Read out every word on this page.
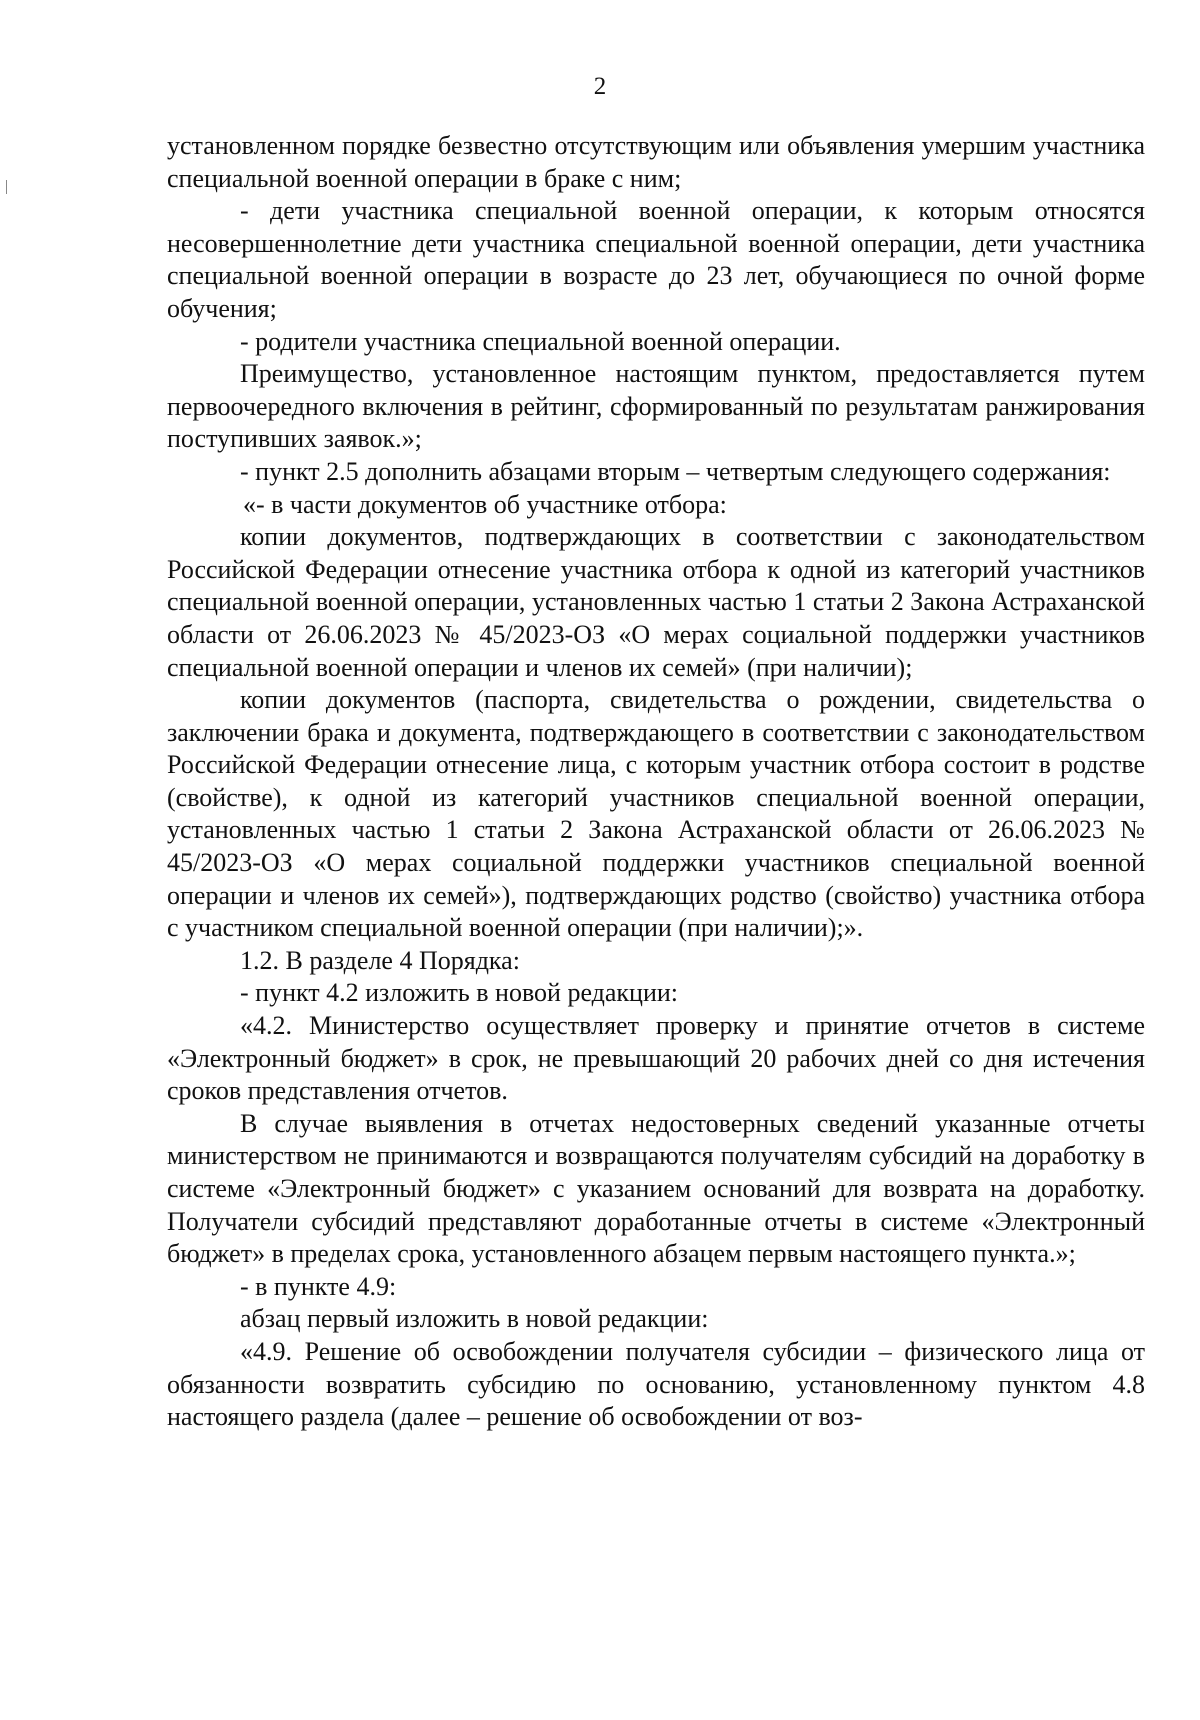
2

установленном порядке безвестно отсутствующим или объявления умершим участника специальной военной операции в браке с ним;

- дети участника специальной военной операции, к которым относятся несовершеннолетние дети участника специальной военной операции, дети участника специальной военной операции в возрасте до 23 лет, обучающиеся по очной форме обучения;

- родители участника специальной военной операции.

Преимущество, установленное настоящим пунктом, предоставляется путем первоочередного включения в рейтинг, сформированный по результатам ранжирования поступивших заявок.»;

- пункт 2.5 дополнить абзацами вторым – четвертым следующего содержания:

«- в части документов об участнике отбора:

копии документов, подтверждающих в соответствии с законодательством Российской Федерации отнесение участника отбора к одной из категорий участников специальной военной операции, установленных частью 1 статьи 2 Закона Астраханской области от 26.06.2023 № 45/2023-ОЗ «О мерах социальной поддержки участников специальной военной операции и членов их семей» (при наличии);

копии документов (паспорта, свидетельства о рождении, свидетельства о заключении брака и документа, подтверждающего в соответствии с законодательством Российской Федерации отнесение лица, с которым участник отбора состоит в родстве (свойстве), к одной из категорий участников специальной военной операции, установленных частью 1 статьи 2 Закона Астраханской области от 26.06.2023 № 45/2023-ОЗ «О мерах социальной поддержки участников специальной военной операции и членов их семей»), подтверждающих родство (свойство) участника отбора с участником специальной военной операции (при наличии);».

1.2. В разделе 4 Порядка:

- пункт 4.2 изложить в новой редакции:

«4.2. Министерство осуществляет проверку и принятие отчетов в системе «Электронный бюджет» в срок, не превышающий 20 рабочих дней со дня истечения сроков представления отчетов.

В случае выявления в отчетах недостоверных сведений указанные отчеты министерством не принимаются и возвращаются получателям субсидий на доработку в системе «Электронный бюджет» с указанием оснований для возврата на доработку. Получатели субсидий представляют доработанные отчеты в системе «Электронный бюджет» в пределах срока, установленного абзацем первым настоящего пункта.»;

- в пункте 4.9:

абзац первый изложить в новой редакции:

«4.9. Решение об освобождении получателя субсидии – физического лица от обязанности возвратить субсидию по основанию, установленному пунктом 4.8 настоящего раздела (далее – решение об освобождении от воз-
